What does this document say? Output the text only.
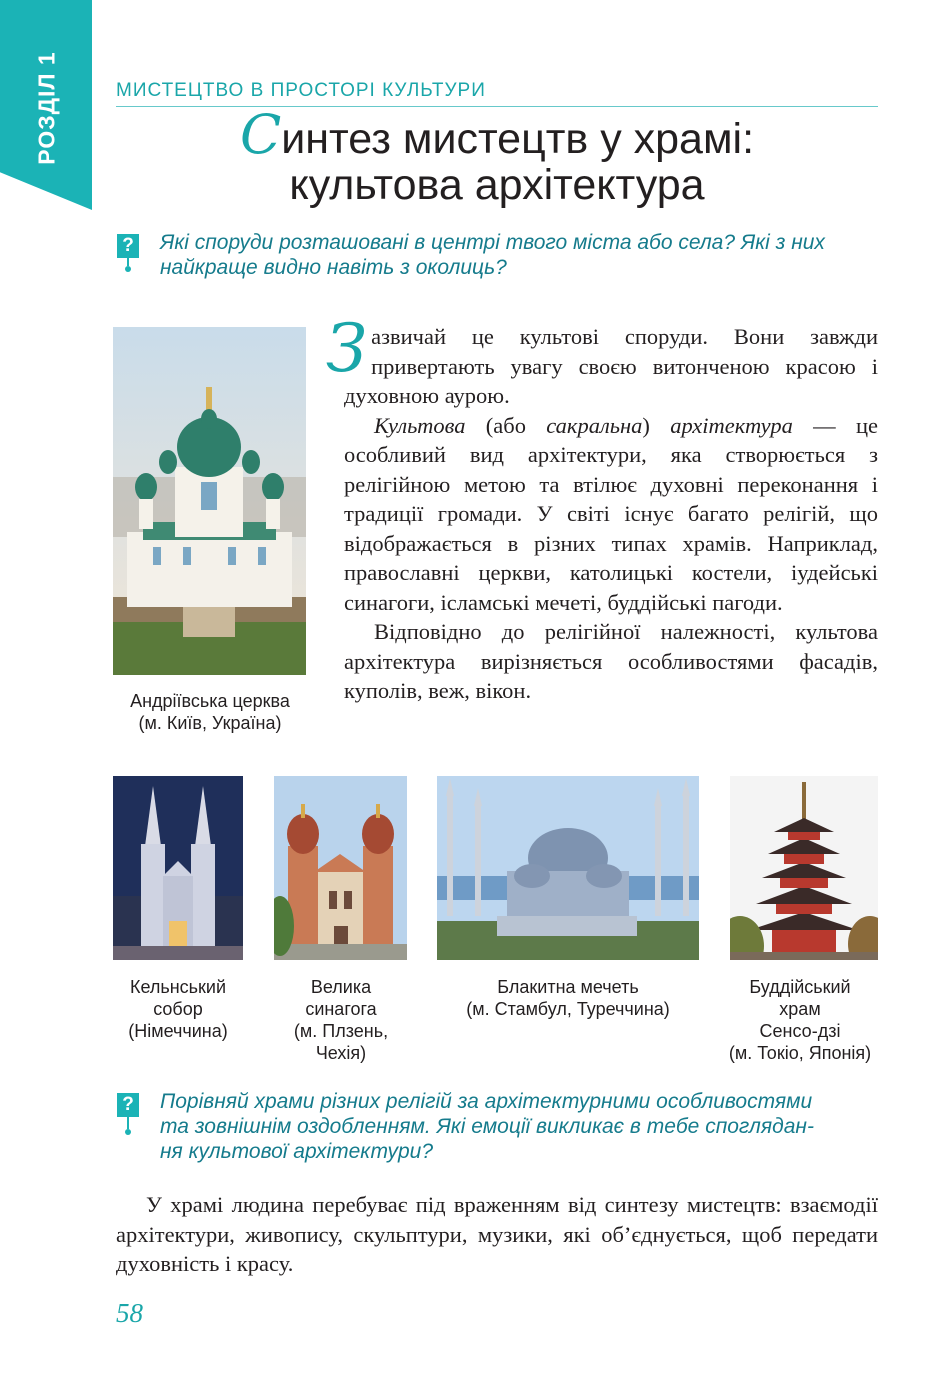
РОЗДІЛ 1	МИСТЕЦТВО В ПРОСТОРІ КУЛЬТУРИ
Синтез мистецтв у храмі:
культова архітектура
? Які споруди розташовані в центрі твого міста або села? Які з них
найкраще видно навіть з околиць?
Андріївська церква
(м. Київ, Україна)

Зазвичай це культові споруди. Вони завжди привертають увагу своєю витонченою красою і духовною аурою.

Культова (або сакральна) архітектура — це особливий вид архітектури, яка створюється з релігійною метою та втілює духовні переконання і традиції громади. У світі існує багато релігій, що відображається в різних типах храмів. Наприклад, православні церкви, католицькі костели, іудейські синагоги, ісламські мечеті, буддійські пагоди.

Відповідно до релігійної належності, культова архітектура вирізняється особливостями фасадів, куполів, веж, вікон.

Кельнський
собор
(Німеччина)
Велика
синагога
(м. Плзень,
Чехія)
Блакитна мечеть
(м. Стамбул, Туреччина)
Буддійський
храм
Сенсо-дзі
(м. Токіо, Японія)
? Порівняй храми різних релігій за архітектурними особливостями
та зовнішнім оздобленням. Які емоції викликає в тебе споглядан-
ня культової архітектури?

У храмі людина перебуває під враженням від синтезу мистецтв: взаємодії архітектури, живопису, скульптури, музики, які об’єднується, щоб передати духовність і красу.

58
